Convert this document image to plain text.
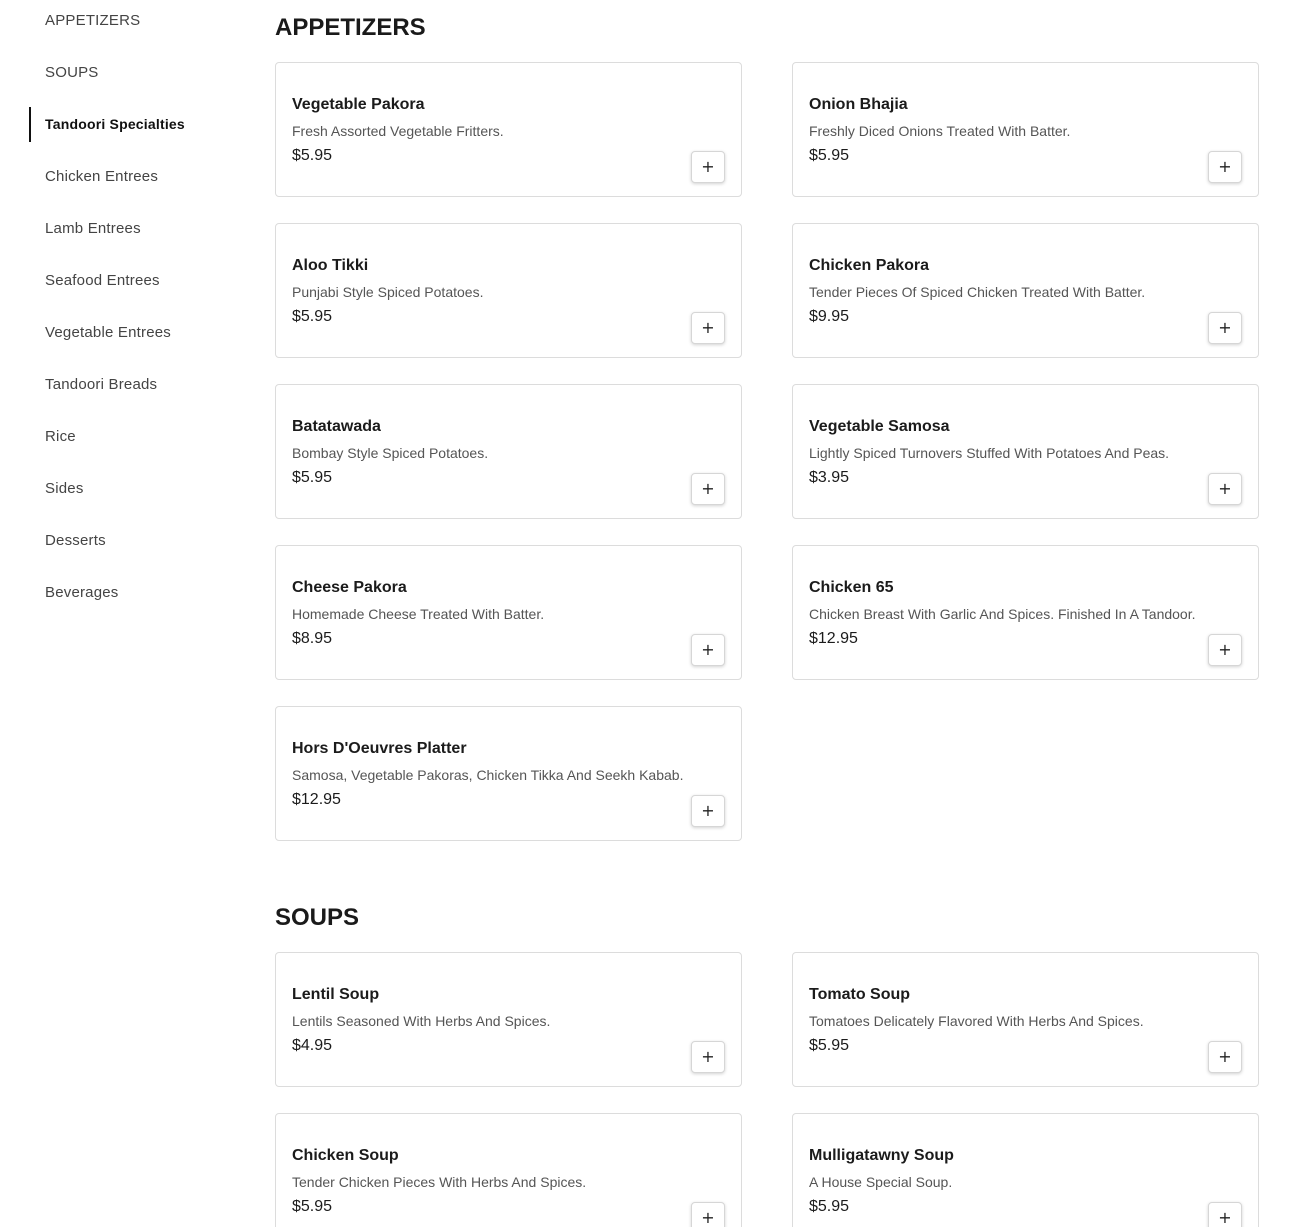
APPETIZERS
SOUPS
Tandoori Specialties
Chicken Entrees
Lamb Entrees
Seafood Entrees
Vegetable Entrees
Tandoori Breads
Rice
Sides
Desserts
Beverages
APPETIZERS
Vegetable Pakora
Fresh Assorted Vegetable Fritters.
$5.95
+
Onion Bhajia
Freshly Diced Onions Treated With Batter.
$5.95
+
Aloo Tikki
Punjabi Style Spiced Potatoes.
$5.95
+
Chicken Pakora
Tender Pieces Of Spiced Chicken Treated With Batter.
$9.95
+
Batatawada
Bombay Style Spiced Potatoes.
$5.95
+
Vegetable Samosa
Lightly Spiced Turnovers Stuffed With Potatoes And Peas.
$3.95
+
Cheese Pakora
Homemade Cheese Treated With Batter.
$8.95
+
Chicken 65
Chicken Breast With Garlic And Spices. Finished In A Tandoor.
$12.95
+
Hors D'Oeuvres Platter
Samosa, Vegetable Pakoras, Chicken Tikka And Seekh Kabab.
$12.95
+
SOUPS
Lentil Soup
Lentils Seasoned With Herbs And Spices.
$4.95
+
Tomato Soup
Tomatoes Delicately Flavored With Herbs And Spices.
$5.95
+
Chicken Soup
Tender Chicken Pieces With Herbs And Spices.
$5.95
+
Mulligatawny Soup
A House Special Soup.
$5.95
+
